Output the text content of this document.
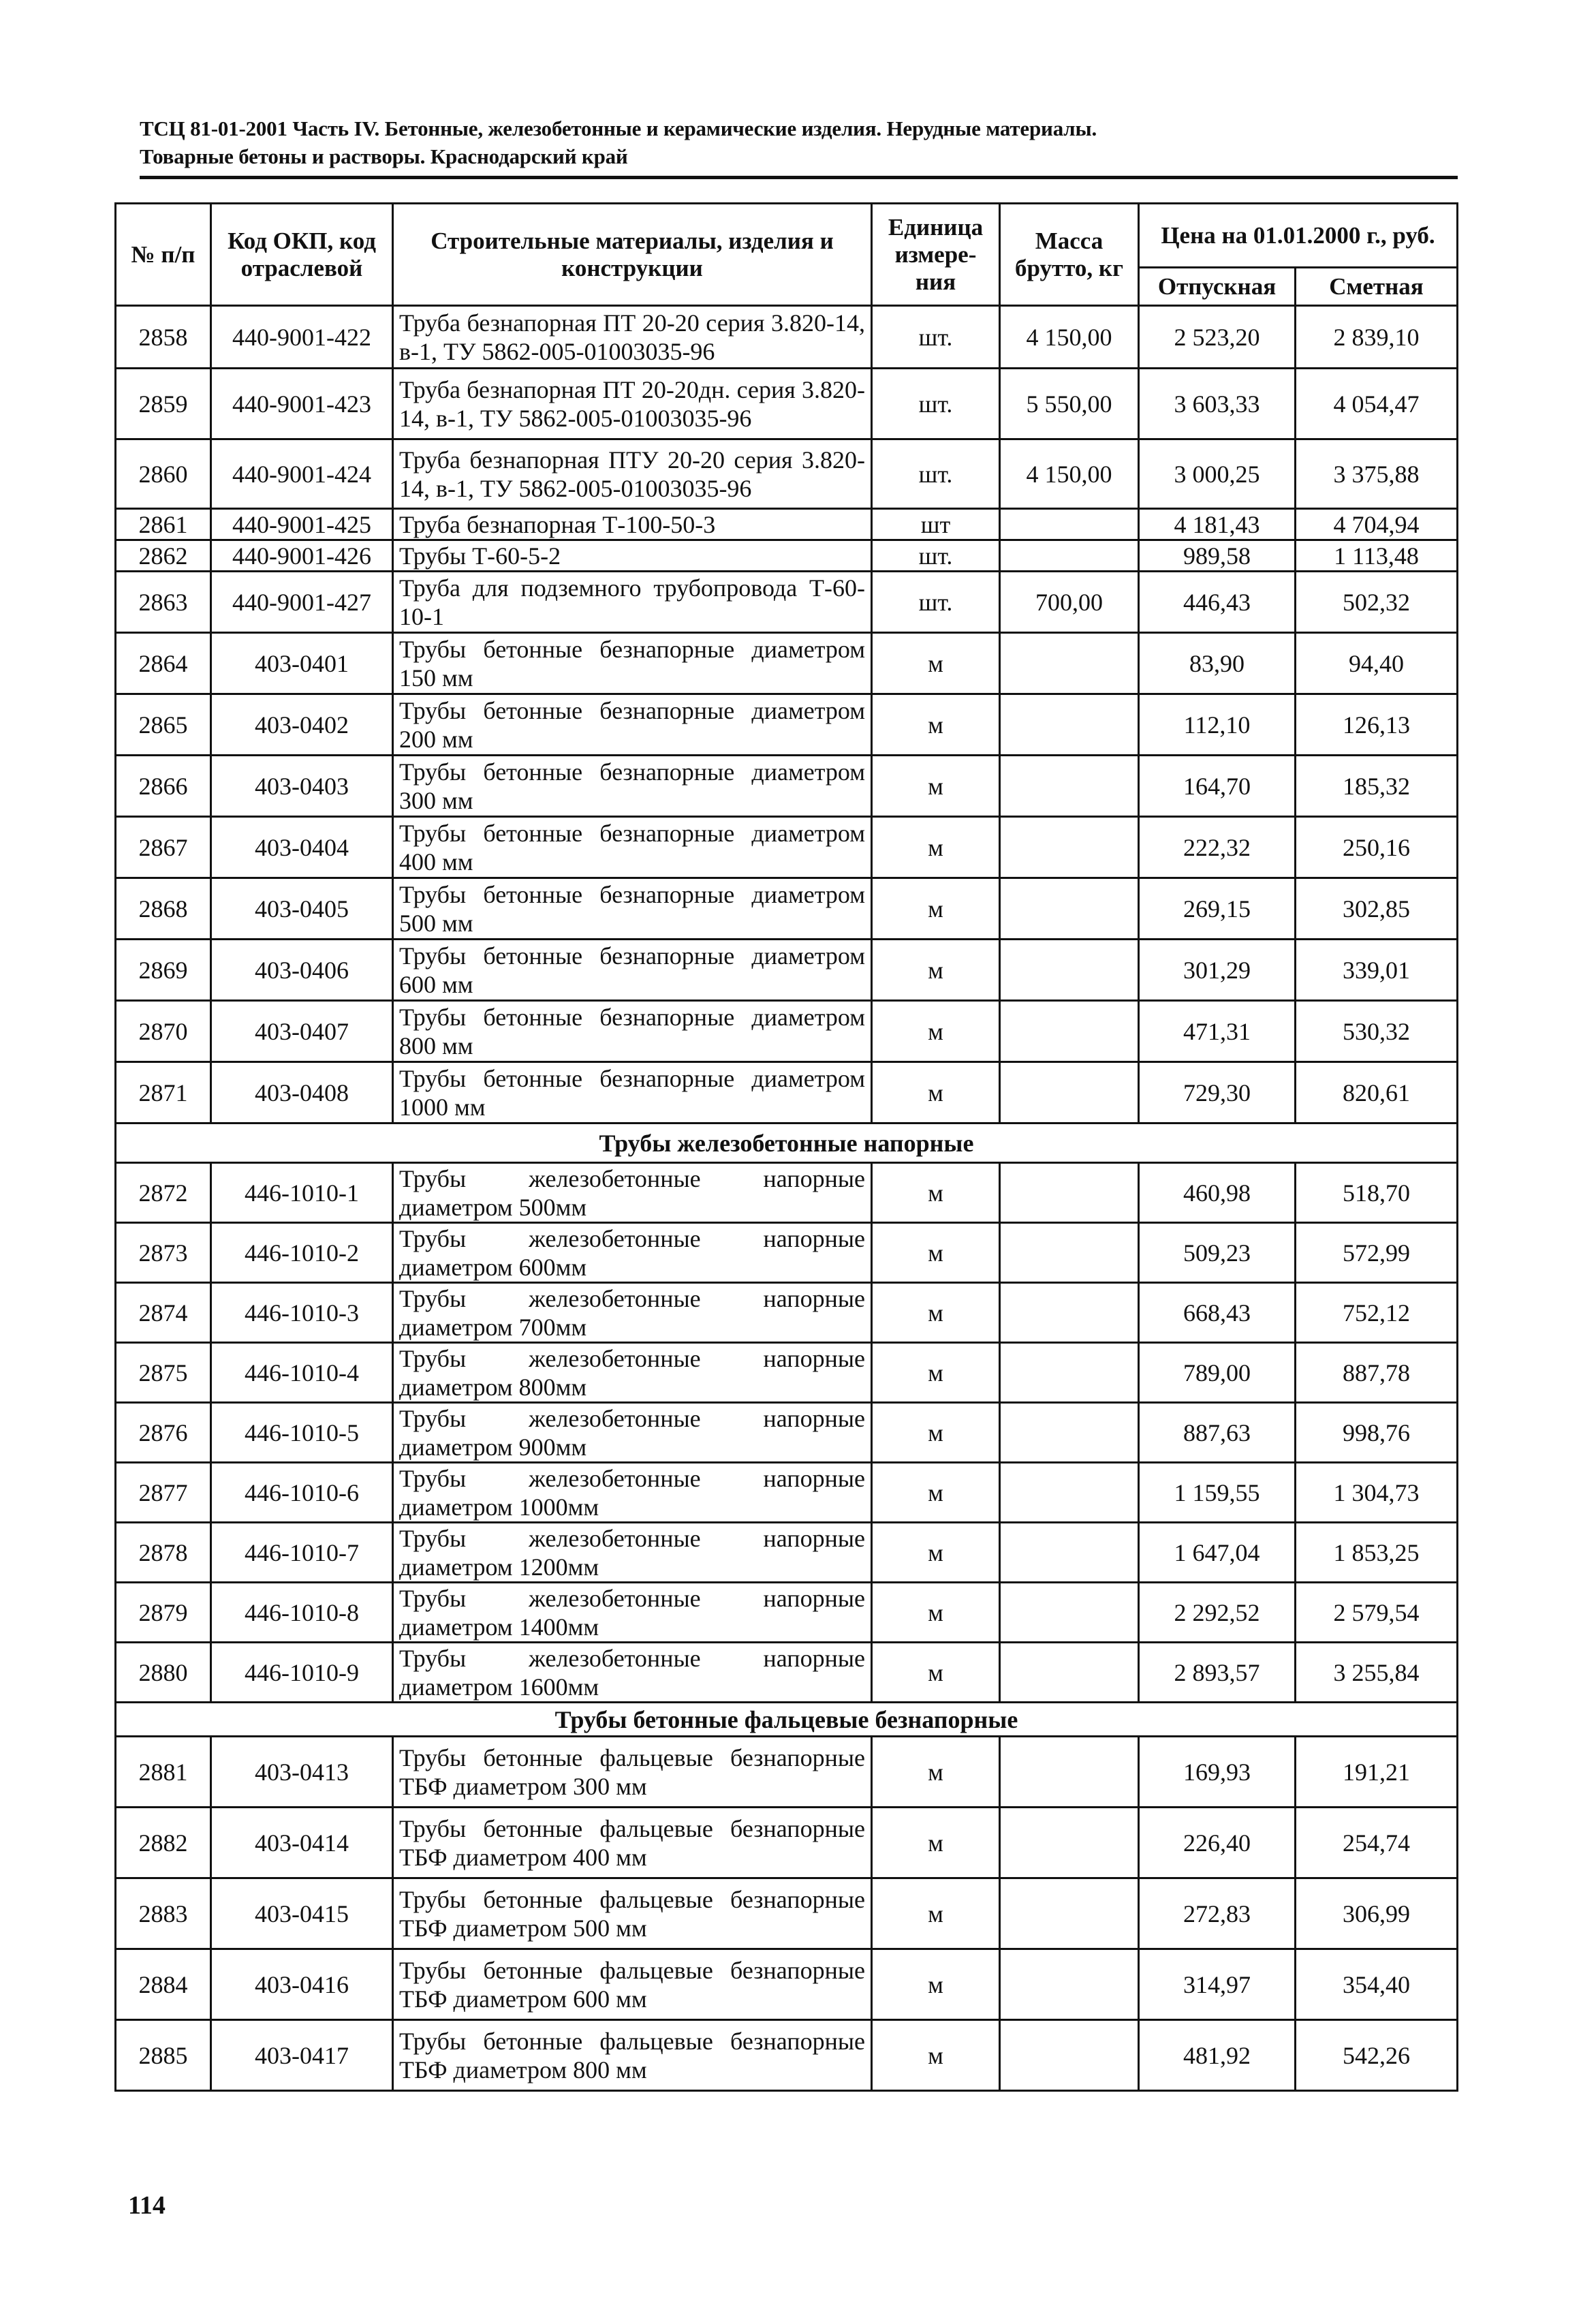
ТСЦ 81-01-2001 Часть IV. Бетонные, железобетонные и керамические изделия. Нерудные материалы.
Товарные бетоны и растворы. Краснодарский край
№ п/п	Код ОКП, код отраслевой	Строительные материалы, изделия и конструкции	Единица измере- ния	Масса брутто, кг	Цена на 01.01.2000 г., руб.	
					Отпускная	Сметная
2858	440-9001-422	Труба безнапорная ПТ 20-20 серия 3.820-14, в-1, ТУ 5862-005-01003035-96	шт.	4 150,00	2 523,20	2 839,10
2859	440-9001-423	Труба безнапорная ПТ 20-20дн. серия 3.820-14, в-1, ТУ 5862-005-01003035-96	шт.	5 550,00	3 603,33	4 054,47
2860	440-9001-424	Труба безнапорная ПТУ 20-20 серия 3.820-14, в-1, ТУ 5862-005-01003035-96	шт.	4 150,00	3 000,25	3 375,88
2861	440-9001-425	Труба безнапорная Т-100-50-3	шт		4 181,43	4 704,94
2862	440-9001-426	Трубы Т-60-5-2	шт.		989,58	1 113,48
2863	440-9001-427	Труба для подземного трубопровода Т-60-10-1	шт.	700,00	446,43	502,32
2864	403-0401	Трубы бетонные безнапорные диаметром 150 мм	м		83,90	94,40
2865	403-0402	Трубы бетонные безнапорные диаметром 200 мм	м		112,10	126,13
2866	403-0403	Трубы бетонные безнапорные диаметром 300 мм	м		164,70	185,32
2867	403-0404	Трубы бетонные безнапорные диаметром 400 мм	м		222,32	250,16
2868	403-0405	Трубы бетонные безнапорные диаметром 500 мм	м		269,15	302,85
2869	403-0406	Трубы бетонные безнапорные диаметром 600 мм	м		301,29	339,01
2870	403-0407	Трубы бетонные безнапорные диаметром 800 мм	м		471,31	530,32
2871	403-0408	Трубы бетонные безнапорные диаметром 1000 мм	м		729,30	820,61
Трубы железобетонные напорные						
2872	446-1010-1	Трубы железобетонные напорные диаметром 500мм	м		460,98	518,70
2873	446-1010-2	Трубы железобетонные напорные диаметром 600мм	м		509,23	572,99
2874	446-1010-3	Трубы железобетонные напорные диаметром 700мм	м		668,43	752,12
2875	446-1010-4	Трубы железобетонные напорные диаметром 800мм	м		789,00	887,78
2876	446-1010-5	Трубы железобетонные напорные диаметром 900мм	м		887,63	998,76
2877	446-1010-6	Трубы железобетонные напорные диаметром 1000мм	м		1 159,55	1 304,73
2878	446-1010-7	Трубы железобетонные напорные диаметром 1200мм	м		1 647,04	1 853,25
2879	446-1010-8	Трубы железобетонные напорные диаметром 1400мм	м		2 292,52	2 579,54
2880	446-1010-9	Трубы железобетонные напорные диаметром 1600мм	м		2 893,57	3 255,84
Трубы бетонные фальцевые безнапорные						
2881	403-0413	Трубы бетонные фальцевые безнапорные ТБФ диаметром 300 мм	м		169,93	191,21
2882	403-0414	Трубы бетонные фальцевые безнапорные ТБФ диаметром 400 мм	м		226,40	254,74
2883	403-0415	Трубы бетонные фальцевые безнапорные ТБФ диаметром 500 мм	м		272,83	306,99
2884	403-0416	Трубы бетонные фальцевые безнапорные ТБФ диаметром 600 мм	м		314,97	354,40
2885	403-0417	Трубы бетонные фальцевые безнапорные ТБФ диаметром 800 мм	м		481,92	542,26
114
